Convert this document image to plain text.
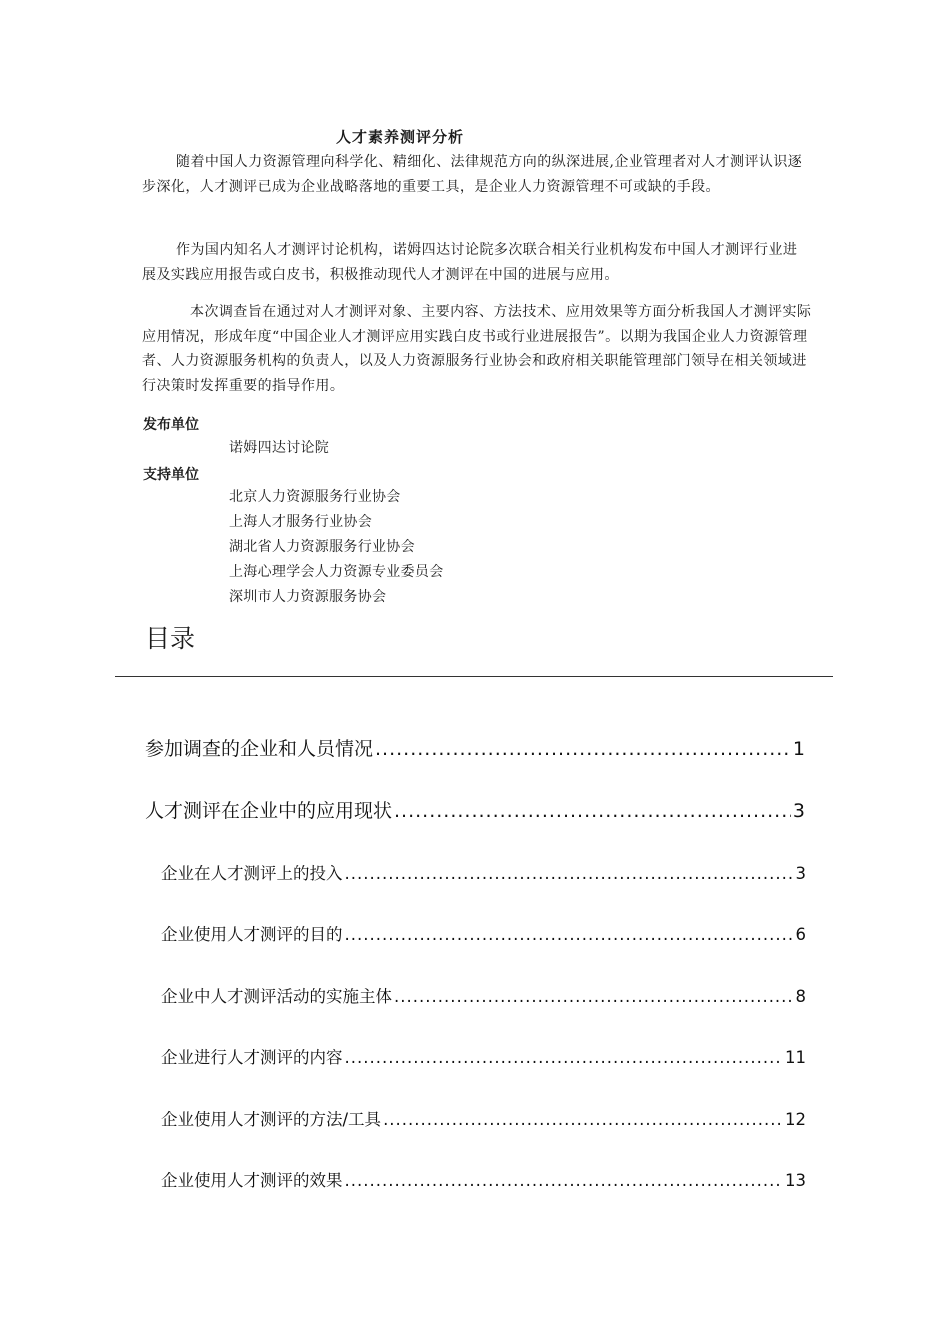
人才素养测评分析

随着中国人力资源管理向科学化、精细化、法律规范方向的纵深进展,企业管理者对人才测评认识逐步深化，人才测评已成为企业战略落地的重要工具，是企业人力资源管理不可或缺的手段。

作为国内知名人才测评讨论机构，诺姆四达讨论院多次联合相关行业机构发布中国人才测评行业进展及实践应用报告或白皮书，积极推动现代人才测评在中国的进展与应用。

本次调查旨在通过对人才测评对象、主要内容、方法技术、应用效果等方面分析我国人才测评实际应用情况，形成年度“中国企业人才测评应用实践白皮书或行业进展报告”。以期为我国企业人力资源管理者、人力资源服务机构的负责人，以及人力资源服务行业协会和政府相关职能管理部门领导在相关领域进行决策时发挥重要的指导作用。

发布单位
诺姆四达讨论院
支持单位
北京人力资源服务行业协会
上海人才服务行业协会
湖北省人力资源服务行业协会
上海心理学会人力资源专业委员会
深圳市人力资源服务协会
目录
参加调查的企业和人员情况 .....	1
人才测评在企业中的应用现状 .....	3
企业在人才测评上的投入 .....	3
企业使用人才测评的目的 .....	6
企业中人才测评活动的实施主体 .....	8
企业进行人才测评的内容 .....	11
企业使用人才测评的方法/工具 .....	12
企业使用人才测评的效果 .....	13
